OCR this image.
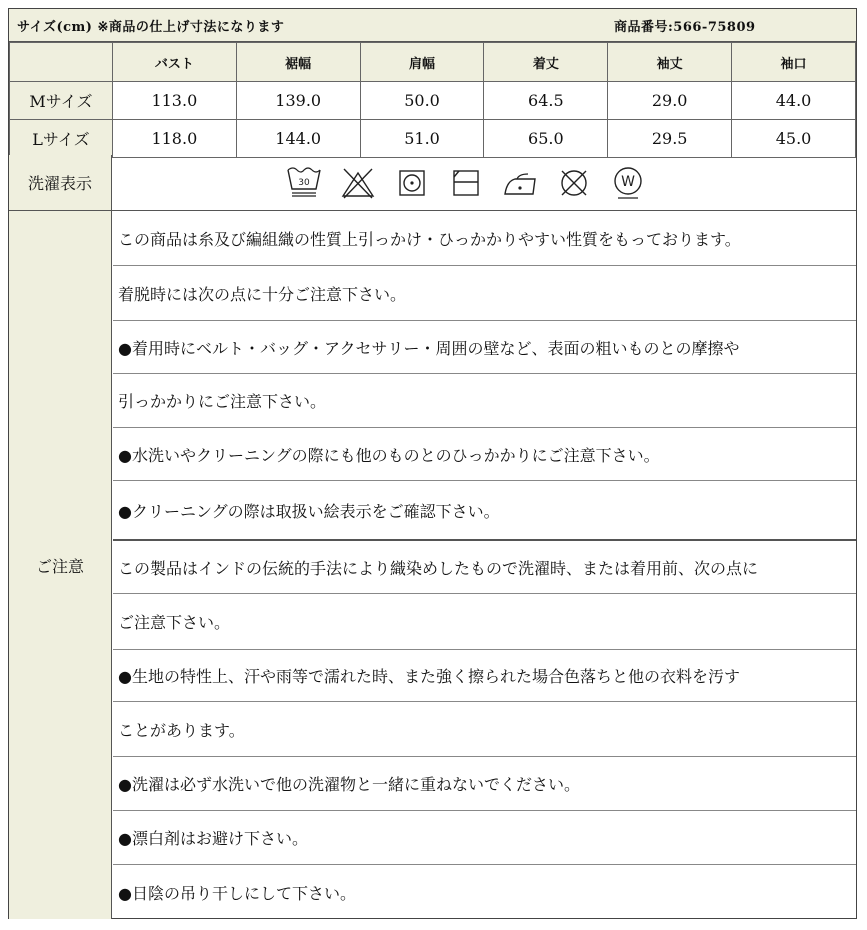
サイズ(cm) ※商品の仕上げ寸法になります	商品番号:566-75809
	バスト	裾幅	肩幅	着丈	袖丈	袖口
Mサイズ	113.0	139.0	50.0	64.5	29.0	44.0
Lサイズ	118.0	144.0	51.0	65.0	29.5	45.0
洗濯表示	30	W
ご注意
この商品は糸及び編組織の性質上引っかけ・ひっかかりやすい性質をもっております。
着脱時には次の点に十分ご注意下さい。
●着用時にベルト・バッグ・アクセサリー・周囲の壁など、表面の粗いものとの摩擦や
引っかかりにご注意下さい。
●水洗いやクリーニングの際にも他のものとのひっかかりにご注意下さい。
●クリーニングの際は取扱い絵表示をご確認下さい。
この製品はインドの伝統的手法により織染めしたもので洗濯時、または着用前、次の点に
ご注意下さい。
●生地の特性上、汗や雨等で濡れた時、また強く擦られた場合色落ちと他の衣料を汚す
ことがあります。
●洗濯は必ず水洗いで他の洗濯物と一緒に重ねないでください。
●漂白剤はお避け下さい。
●日陰の吊り干しにして下さい。
